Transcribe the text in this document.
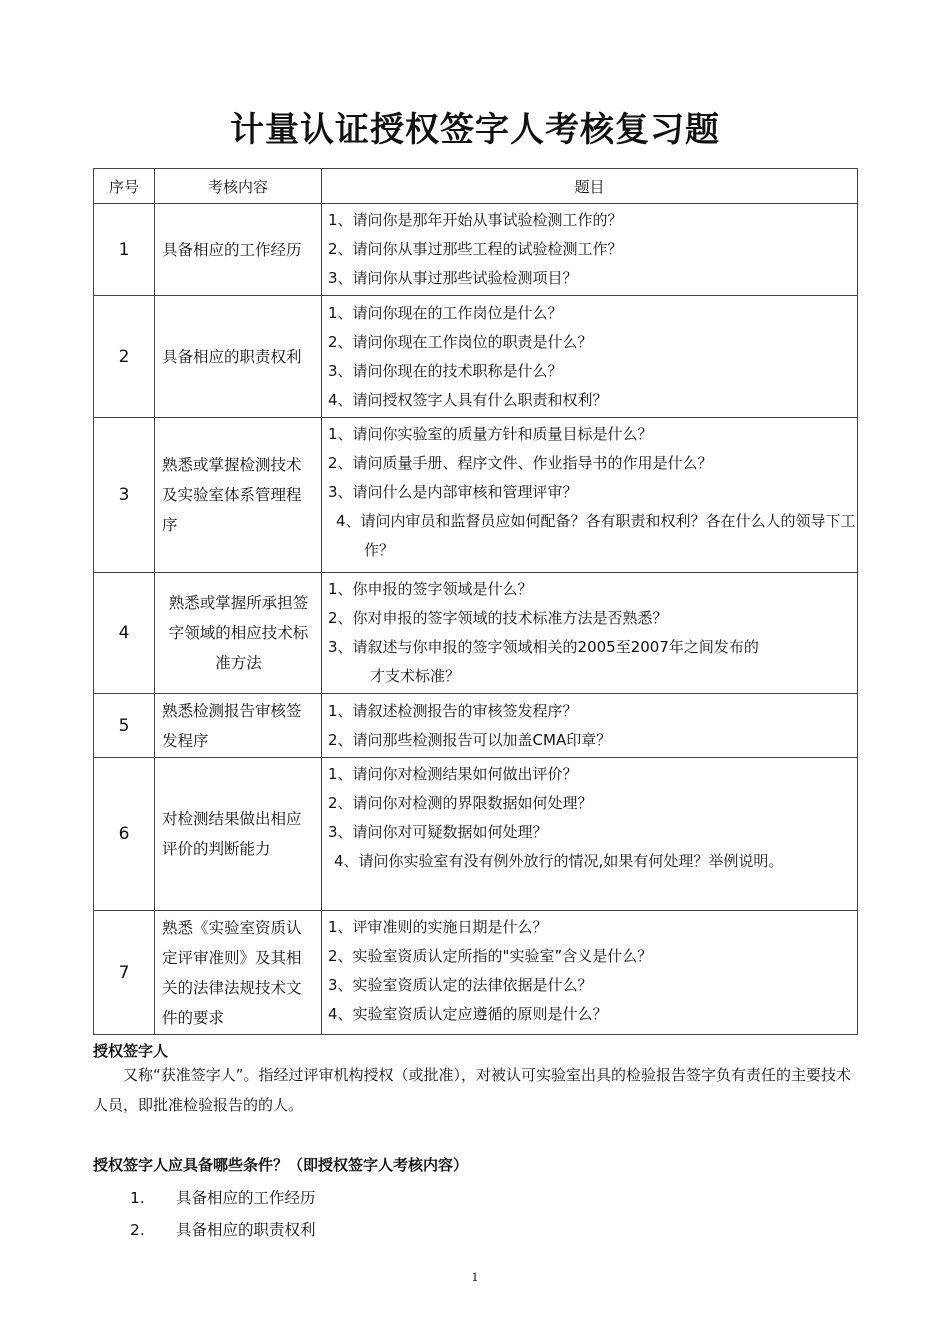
计量认证授权签字人考核复习题
序号	考核内容	题目
1	具备相应的工作经历	1、请问你是那年开始从事试验检测工作的？
2、请问你从事过那些工程的试验检测工作？
3、请问你从事过那些试验检测项目？

2	具备相应的职责权利	1、请问你现在的工作岗位是什么？
2、请问你现在工作岗位的职责是什么？
3、请问你现在的技术职称是什么？
4、请问授权签字人具有什么职责和权利？

3	熟悉或掌握检测技术及实验室体系管理程序	1、请问你实验室的质量方针和质量目标是什么？
2、请问质量手册、程序文件、作业指导书的作用是什么？
3、请问什么是内部审核和管理评审？
4、请问内审员和监督员应如何配备？各有职责和权利？各在什么人的领导下工作？

4	熟悉或掌握所承担签字领域的相应技术标准方法	1、你申报的签字领域是什么？
2、你对申报的签字领域的技术标准方法是否熟悉？
3、请叙述与你申报的签字领域相关的2005至2007年之间发布的
才支术标准？

5	熟悉检测报告审核签发程序	1、请叙述检测报告的审核签发程序？
2、请问那些检测报告可以加盖CMA印章？

6	对检测结果做出相应评价的判断能力	1、请问你对检测结果如何做出评价？
2、请问你对检测的界限数据如何处理？
3、请问你对可疑数据如何处理？
4、请问你实验室有没有例外放行的情况,如果有何处理？举例说明。

7	熟悉《实验室资质认定评审准则》及其相关的法律法规技术文件的要求	1、评审准则的实施日期是什么？
2、实验室资质认定所指的"实验室”含义是什么？
3、实验室资质认定的法律依据是什么？
4、实验室资质认定应遵循的原则是什么？
授权签字人
又称“获准签字人”。指经过评审机构授权（或批准），对被认可实验室出具的检验报告签字负有责任的主要技术人员，即批准检验报告的的人。
授权签字人应具备哪些条件？（即授权签字人考核内容）
1. 具备相应的工作经历
2. 具备相应的职责权利
1
